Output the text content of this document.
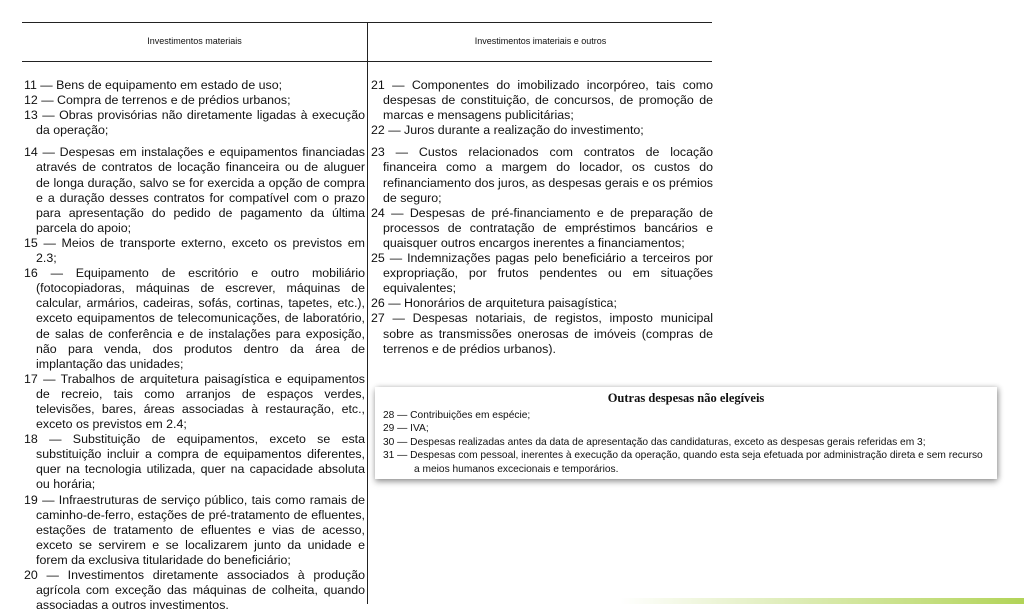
Investimentos materiais	Investimentos imateriais e outros

11 — Bens de equipamento em estado de uso;

12 — Compra de terrenos e de prédios urbanos;

13 — Obras provisórias não diretamente ligadas à execução da operação;

14 — Despesas em instalações e equipamentos financiadas através de contratos de locação financeira ou de aluguer de longa duração, salvo se for exercida a opção de compra e a duração desses contratos for compatível com o prazo para apresentação do pedido de pagamento da última parcela do apoio;

15 — Meios de transporte externo, exceto os previstos em 2.3;

16 — Equipamento de escritório e outro mobiliário (fotocopiadoras, máquinas de escrever, máquinas de calcular, armários, cadeiras, sofás, cortinas, tapetes, etc.), exceto equipamentos de telecomunicações, de laboratório, de salas de conferência e de instalações para exposição, não para venda, dos produtos dentro da área de implantação das unidades;

17 — Trabalhos de arquitetura paisagística e equipamentos de recreio, tais como arranjos de espaços verdes, televisões, bares, áreas associadas à restauração, etc., exceto os previstos em 2.4;

18 — Substituição de equipamentos, exceto se esta substituição incluir a compra de equipamentos diferentes, quer na tecnologia utilizada, quer na capacidade absoluta ou horária;

19 — Infraestruturas de serviço público, tais como ramais de caminho-de-ferro, estações de pré-tratamento de efluentes, estações de tratamento de efluentes e vias de acesso, exceto se servirem e se localizarem junto da unidade e forem da exclusiva titularidade do beneficiário;

20 — Investimentos diretamente associados à produção agrícola com exceção das máquinas de colheita, quando associadas a outros investimentos.

21 — Componentes do imobilizado incorpóreo, tais como despesas de constituição, de concursos, de promoção de marcas e mensagens publicitárias;

22 — Juros durante a realização do investimento;

23 — Custos relacionados com contratos de locação financeira como a margem do locador, os custos do refinanciamento dos juros, as despesas gerais e os prémios de seguro;

24 — Despesas de pré-financiamento e de preparação de processos de contratação de empréstimos bancários e quaisquer outros encargos inerentes a financiamentos;

25 — Indemnizações pagas pelo beneficiário a terceiros por expropriação, por frutos pendentes ou em situações equivalentes;

26 — Honorários de arquitetura paisagística;

27 — Despesas notariais, de registos, imposto municipal sobre as transmissões onerosas de imóveis (compras de terrenos e de prédios urbanos).

Outras despesas não elegíveis
28 — Contribuições em espécie;
29 — IVA;
30 — Despesas realizadas antes da data de apresentação das candidaturas, exceto as despesas gerais referidas em 3;
31 — Despesas com pessoal, inerentes à execução da operação, quando esta seja efetuada por administração direta e sem recurso a meios humanos excecionais e temporários.
